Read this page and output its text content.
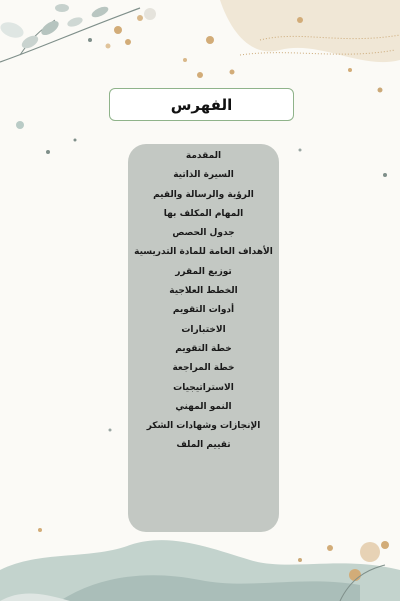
الفهرس
المقدمة
السيرة الذاتية
الرؤية والرسالة والقيم
المهام المكلف بها
جدول الحصص
الأهداف العامة للمادة التدريسية
توزيع المقرر
الخطط العلاجية
أدوات التقويم
الاختبارات
خطة التقويم
خطة المراجعة
الاستراتيجيات
النمو المهني
الإنجازات وشهادات الشكر
تقييم الملف
